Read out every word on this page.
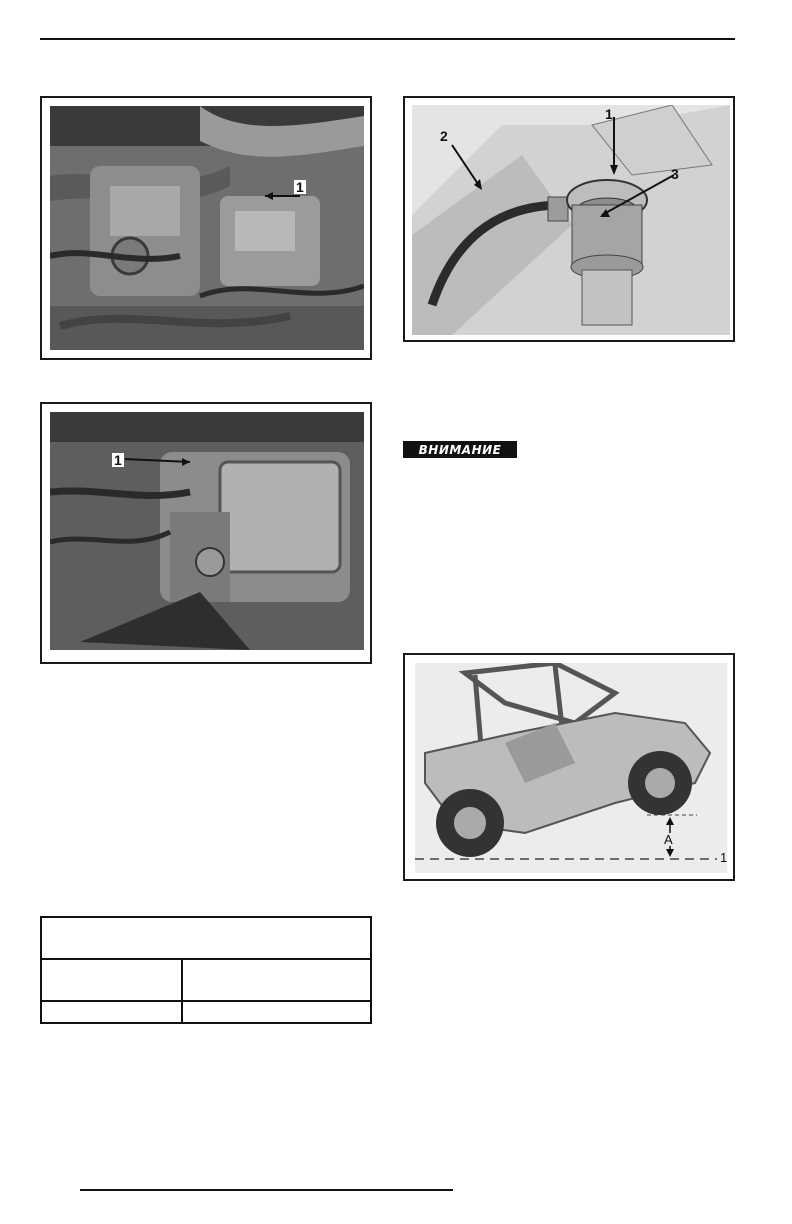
1
1
1
2
3
ВНИМАНИЕ
A
1
